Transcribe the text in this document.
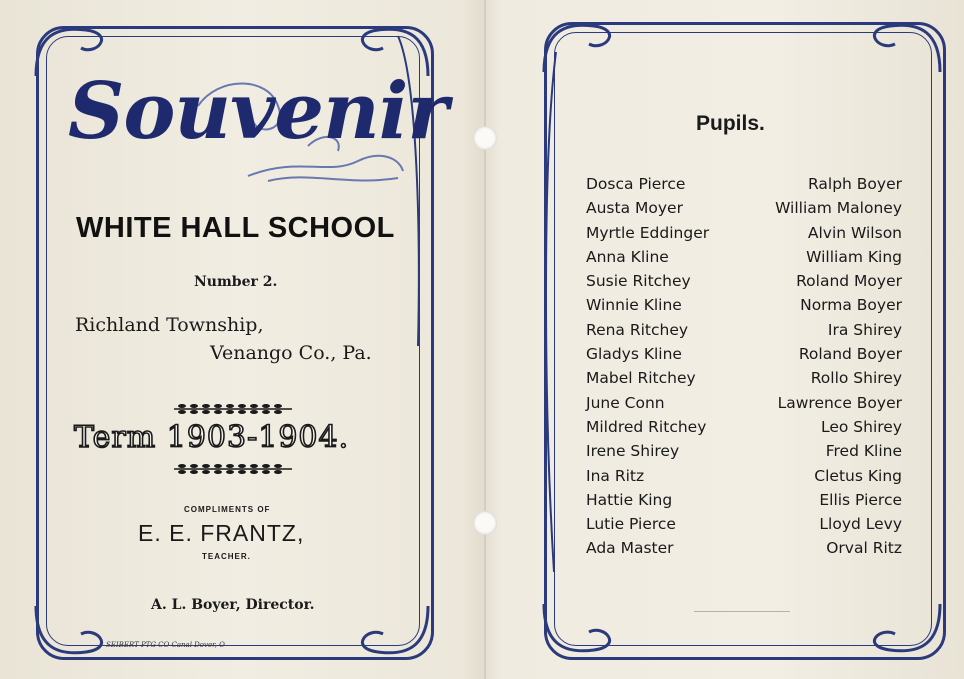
Souvenir
WHITE HALL SCHOOL
Number 2.
Richland Township,
Venango Co., Pa.
Term 1903-1904.
COMPLIMENTS OF
E. E. FRANTZ,
TEACHER.
A. L. Boyer, Director.
SEIBERT PTG CO Canal Dover, O
Pupils.
Dosca Pierce
Austa Moyer
Myrtle Eddinger
Anna Kline
Susie Ritchey
Winnie Kline
Rena Ritchey
Gladys Kline
Mabel Ritchey
June Conn
Mildred Ritchey
Irene Shirey
Ina Ritz
Hattie King
Lutie Pierce
Ada Master
Ralph Boyer
William Maloney
Alvin Wilson
William King
Roland Moyer
Norma Boyer
Ira Shirey
Roland Boyer
Rollo Shirey
Lawrence Boyer
Leo Shirey
Fred Kline
Cletus King
Ellis Pierce
Lloyd Levy
Orval Ritz
